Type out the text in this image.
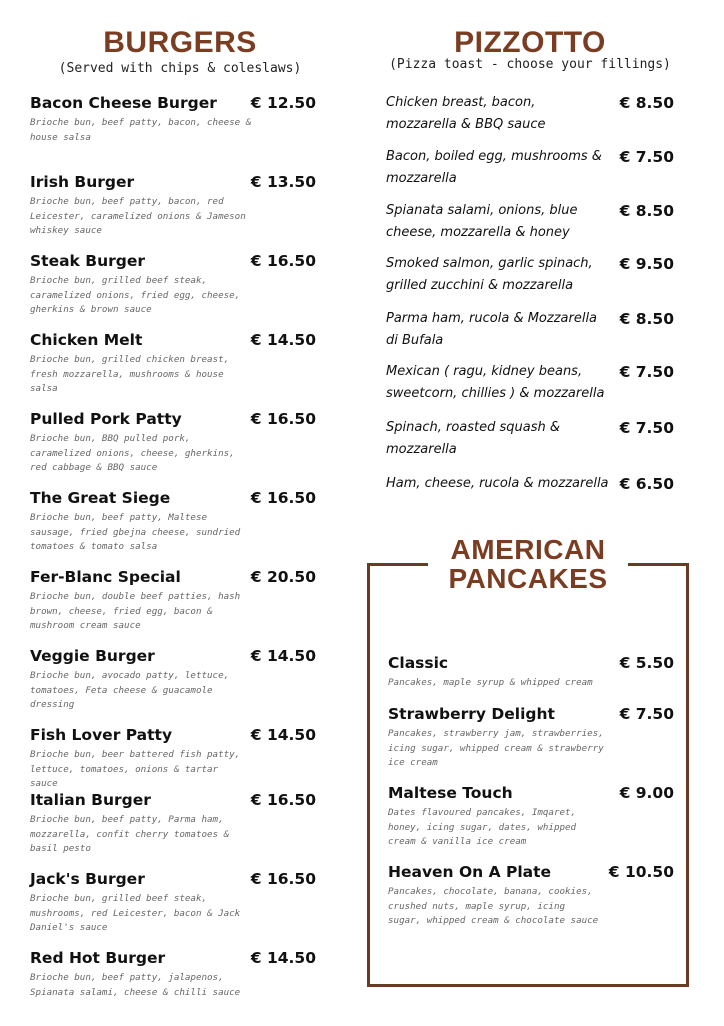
BURGERS
(Served with chips & coleslaws)
Bacon Cheese Burger	€ 12.50
Brioche bun, beef patty, bacon, cheese & house salsa
Irish Burger	€ 13.50
Brioche bun, beef patty, bacon, red Leicester, caramelized onions & Jameson whiskey sauce
Steak Burger	€ 16.50
Brioche bun, grilled beef steak, caramelized onions, fried egg, cheese, gherkins & brown sauce
Chicken Melt	€ 14.50
Brioche bun, grilled chicken breast, fresh mozzarella, mushrooms & house salsa
Pulled Pork Patty	€ 16.50
Brioche bun, BBQ pulled pork, caramelized onions, cheese, gherkins, red cabbage & BBQ sauce
The Great Siege	€ 16.50
Brioche bun, beef patty, Maltese sausage, fried gbejna cheese, sundried tomatoes & tomato salsa
Fer-Blanc Special	€ 20.50
Brioche bun, double beef patties, hash brown, cheese, fried egg, bacon & mushroom cream sauce
Veggie Burger	€ 14.50
Brioche bun, avocado patty, lettuce, tomatoes, Feta cheese & guacamole dressing
Fish Lover Patty	€ 14.50
Brioche bun, beer battered fish patty, lettuce, tomatoes, onions & tartar sauce
Italian Burger	€ 16.50
Brioche bun, beef patty, Parma ham, mozzarella, confit cherry tomatoes & basil pesto
Jack's Burger	€ 16.50
Brioche bun, grilled beef steak, mushrooms, red Leicester, bacon & Jack Daniel's sauce
Red Hot Burger	€ 14.50
Brioche bun, beef patty, jalapenos, Spianata salami, cheese & chilli sauce
PIZZOTTO
(Pizza toast - choose your fillings)
Chicken breast, bacon, mozzarella & BBQ sauce
€ 8.50
Bacon, boiled egg, mushrooms & mozzarella
€ 7.50
Spianata salami, onions, blue cheese, mozzarella & honey
€ 8.50
Smoked salmon, garlic spinach, grilled zucchini & mozzarella
€ 9.50
Parma ham, rucola & Mozzarella di Bufala
€ 8.50
Mexican ( ragu, kidney beans, sweetcorn, chillies ) & mozzarella
€ 7.50
Spinach, roasted squash & mozzarella
€ 7.50
Ham, cheese, rucola & mozzarella € 6.50
AMERICAN
PANCAKES
Classic	€ 5.50
Pancakes, maple syrup & whipped cream
Strawberry Delight	€ 7.50
Pancakes, strawberry jam, strawberries, icing sugar, whipped cream & strawberry ice cream
Maltese Touch	€ 9.00
Dates flavoured pancakes, Imqaret, honey, icing sugar, dates, whipped cream & vanilla ice cream
Heaven On A Plate	€ 10.50
Pancakes, chocolate, banana, cookies, crushed nuts, maple syrup, icing sugar, whipped cream & chocolate sauce
